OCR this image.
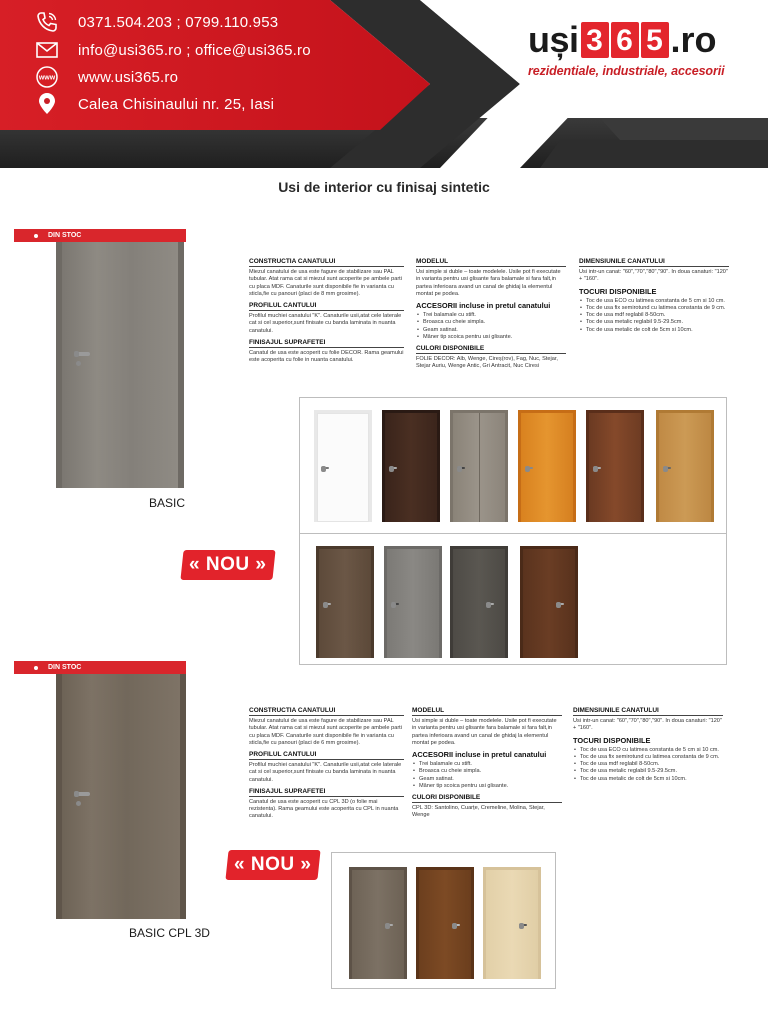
0371.504.203 ; 0799.110.953
info@usi365.ro ; office@usi365.ro
www www.usi365.ro
Calea Chisinaului nr. 25, Iasi
uși 3 6 5 .ro
rezidentiale, industriale, accesorii
Usi de interior cu finisaj sintetic
DIN STOC
BASIC
« NOU »
CONSTRUCTIA CANATULUI

Miezul canatului de usa este fagure de stabilizare sau PAL tubular. Atat rama cat si miezul sunt acoperite pe ambele parti cu placa MDF. Canaturile sunt disponibile fie in varianta cu sticla,fie cu panouri (placi de 8 mm grosime).

PROFILUL CANTULUI

Profilul muchiei canatului "K". Canaturile usii,atat cele laterale cat si cel superior,sunt finisate cu banda laminata in nuanta canatului.

FINISAJUL SUPRAFETEI

Canatul de usa este acoperit cu folie DECOR. Rama geamului este acoperita cu folie in nuanta canatului.

MODELUL

Usi simple si duble – toate modelele. Usile pot fi executate in varianta pentru usi glisante fara balamale si fara falt,in partea inferioara avand un canal de ghidaj la elementul montat pe podea.

ACCESORII incluse in pretul canatului
• Trei balamale cu stift.
• Broasca cu cheie simpla.
• Geam satinat.
• Mâner tip scoica pentru usi glisante.
CULORI DISPONIBILE

FOLIE DECOR: Alb, Wenge, Cireș(rov), Fag, Nuc, Stejar, Stejar Auriu, Wenge Antic, Gri Antracit, Nuc Ciresi

DIMENSIUNILE CANATULUI

Usi intr-un canat: "60","70","80","90". In doua canaturi: "120" + "160".

TOCURI DISPONIBILE
• Toc de usa ECO cu latimea constanta de 5 cm si 10 cm.
• Toc de usa fix semirotund cu latimea constanta de 9 cm.
• Toc de usa mdf reglabil 8-50cm.
• Toc de usa metalic reglabil 9.5-29.5cm.
• Toc de usa metalic de colt de 5cm si 10cm.
DIN STOC
BASIC CPL 3D
« NOU »
CONSTRUCTIA CANATULUI

Miezul canatului de usa este fagure de stabilizare sau PAL tubular. Atat rama cat si miezul sunt acoperite pe ambele parti cu placa MDF. Canaturile sunt disponibile fie in varianta cu sticla,fie cu panouri (placi de 6 mm grosime).

PROFILUL CANTULUI

Profilul muchiei canatului "K". Canaturile usii,atat cele laterale cat si cel superior,sunt finisate cu banda laminata in nuanta canatului.

FINISAJUL SUPRAFETEI

Canatul de usa este acoperit cu CPL 3D (o folie mai rezistenta). Rama geamului este acoperita cu CPL in nuanta canatului.

MODELUL

Usi simple si duble – toate modelele. Usile pot fi executate in varianta pentru usi glisante fara balamale si fara falt,in partea inferioara avand un canal de ghidaj la elementul montat pe podea.

ACCESORII incluse in pretul canatului
• Trei balamale cu stift.
• Broasca cu cheie simpla.
• Geam satinat.
• Mâner tip scoica pentru usi glisante.
CULORI DISPONIBILE

CPL 3D: Santolino, Cuarțe, Cremeline, Molina, Stejar, Wenge

DIMENSIUNILE CANATULUI

Usi intr-un canat: "60","70","80","90". In doua canaturi: "120" + "160".

TOCURI DISPONIBILE
• Toc de usa ECO cu latimea constanta de 5 cm si 10 cm.
• Toc de usa fix semirotund cu latimea constanta de 9 cm.
• Toc de usa mdf reglabil 8-50cm.
• Toc de usa metalic reglabil 9.5-29.5cm.
• Toc de usa metalic de colt de 5cm si 10cm.
